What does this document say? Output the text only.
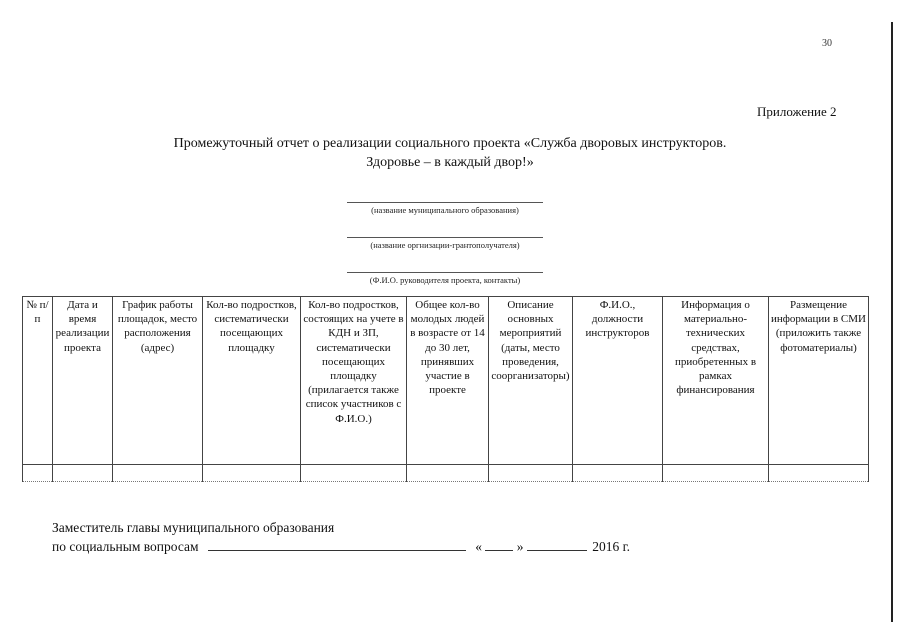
30
Приложение 2
Промежуточный отчет о реализации социального проекта «Служба дворовых инструкторов.
Здоровье – в каждый двор!»
(название муниципального образования)
(название оргнизации-грантополучателя)
(Ф.И.О. руководителя проекта, контакты)
№ п/п	Дата и время реализации проекта	График работы площадок, место расположения (адрес)	Кол-во подростков, систематически посещающих площадку	Кол-во подростков, состоящих на учете в КДН и ЗП, систематически посещающих площадку (прилагается также список участников с Ф.И.О.)	Общее кол-во молодых людей в возрасте от 14 до 30 лет, принявших участие в проекте	Описание основных мероприятий (даты, место проведения, соорганизаторы)	Ф.И.О., должности инструкторов	Информация о материально-технических средствах, приобретенных в рамках финансирования	Размещение информации в СМИ (приложить также фотоматериалы)

Заместитель главы муниципального образования
по социальным вопросам	«	»	2016 г.
